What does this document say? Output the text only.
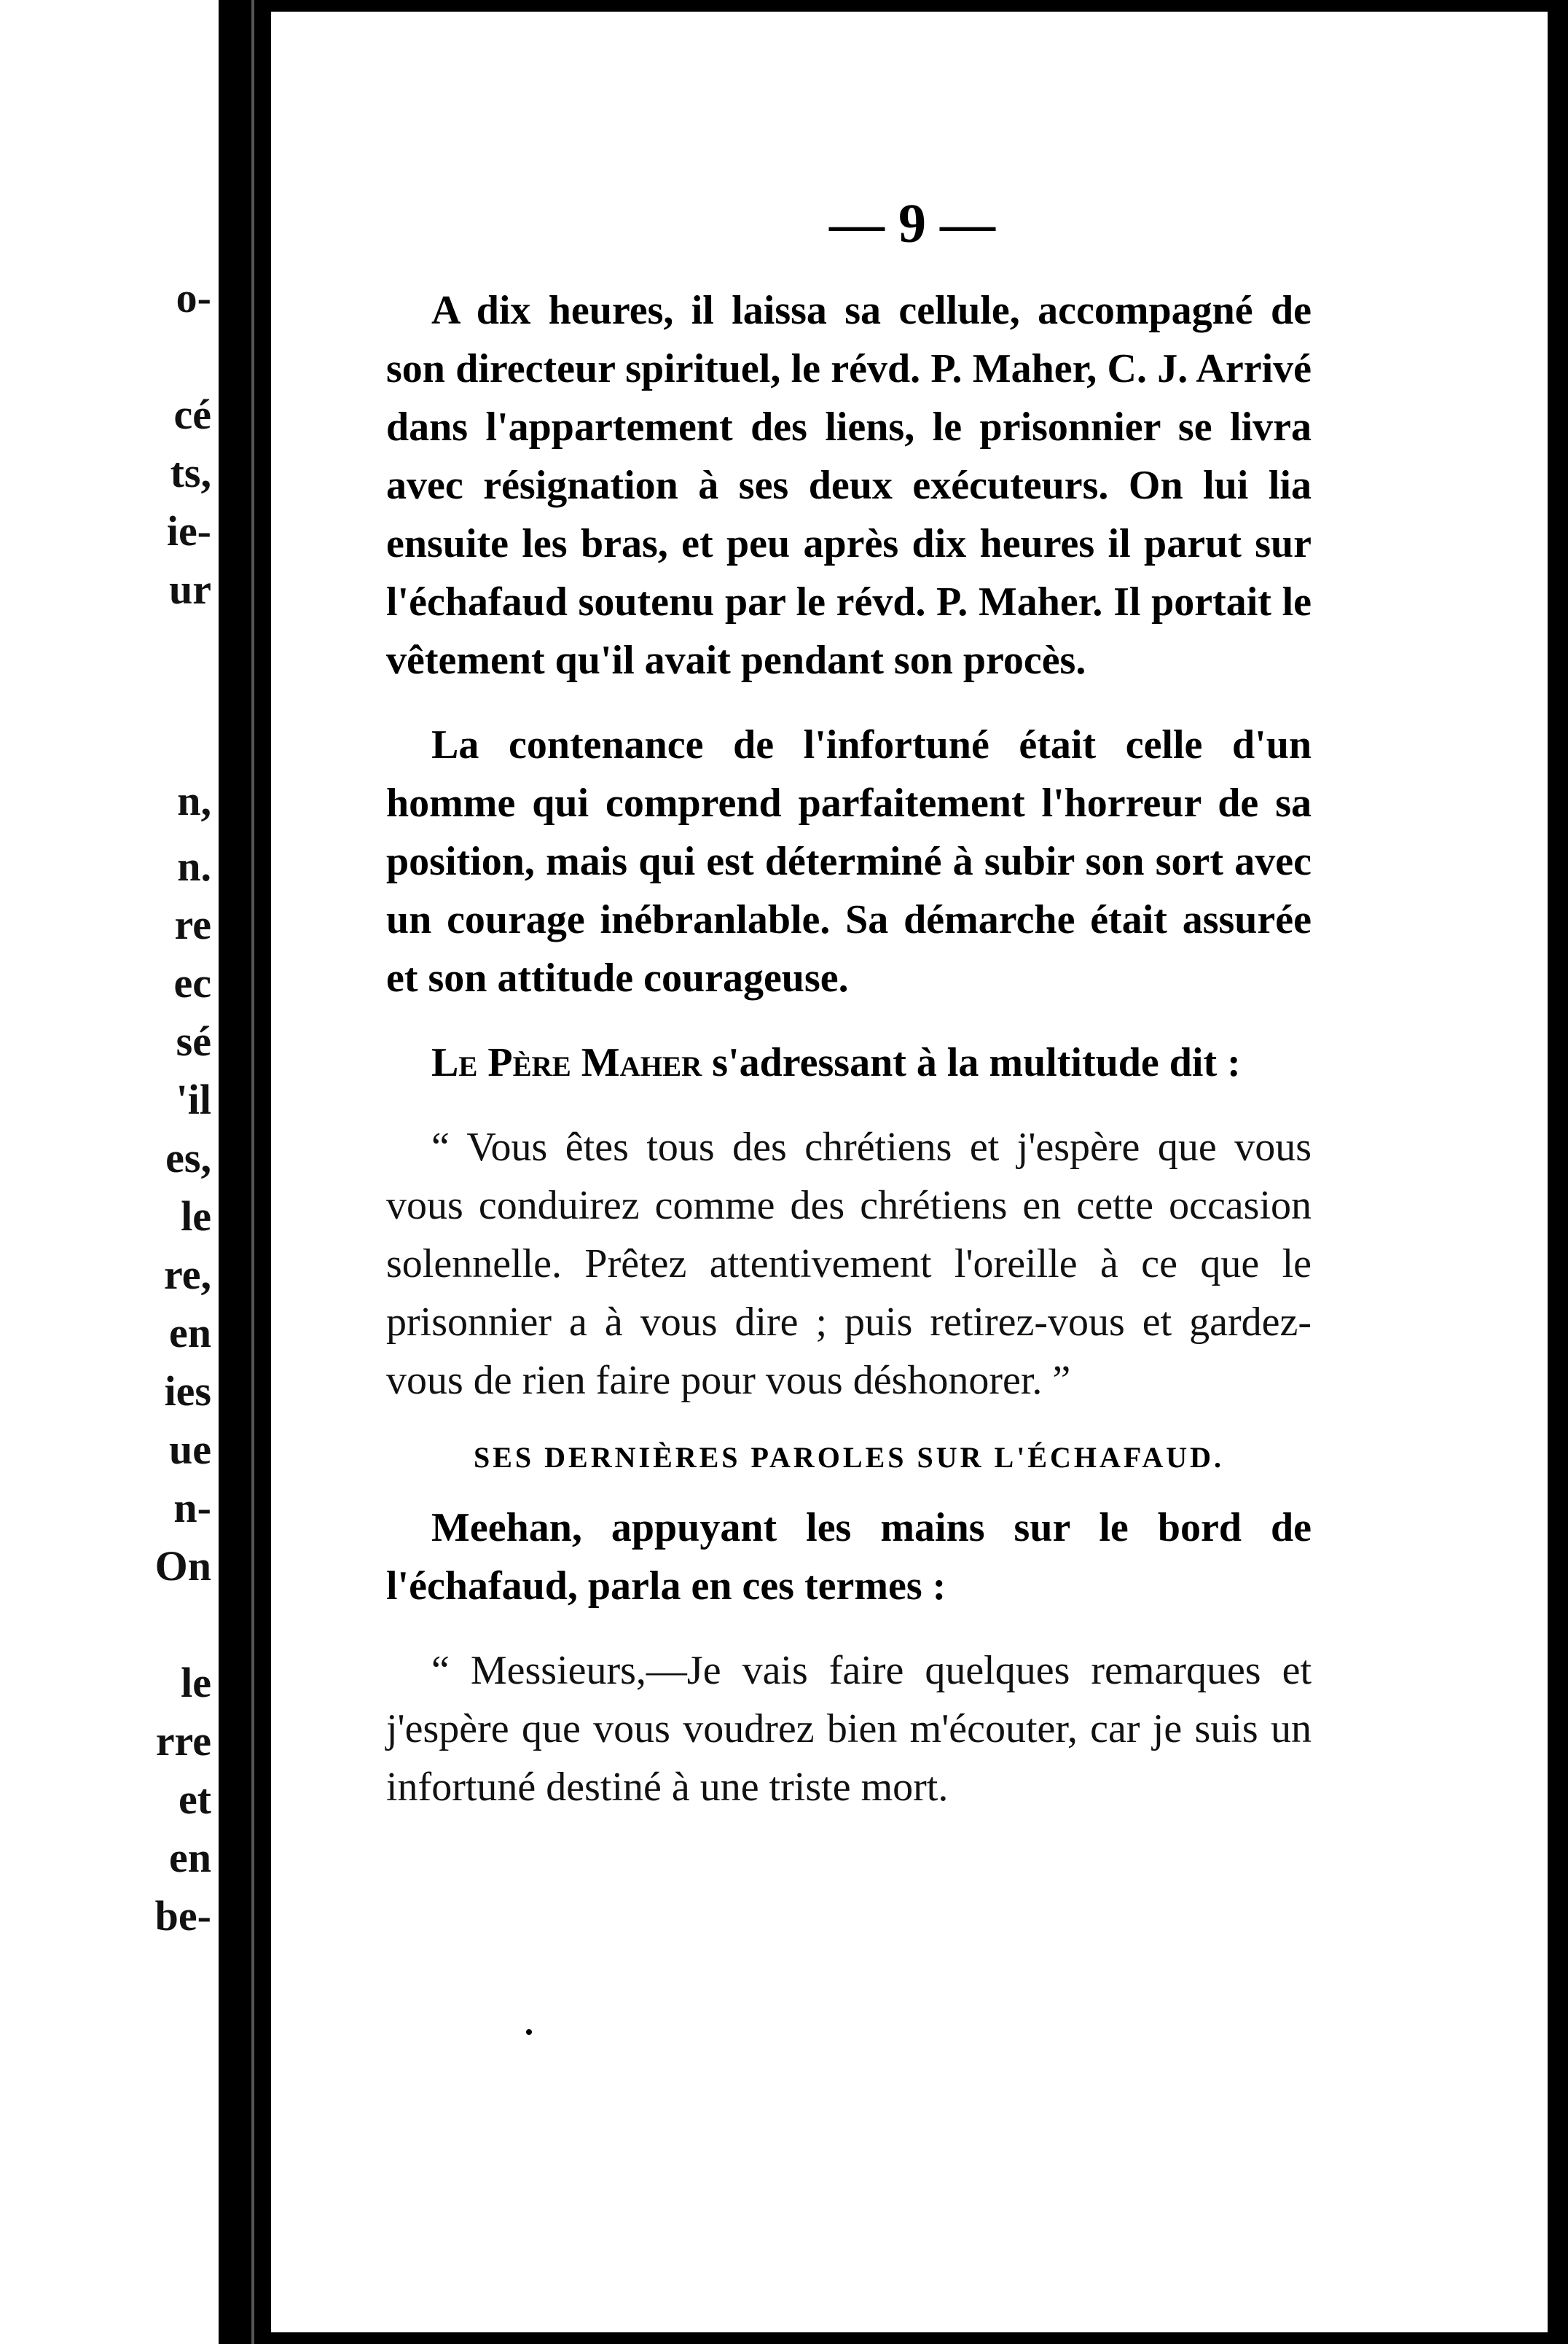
o-
cé
ts,
ie-
ur
n,
n.
re
ec
sé
'il
es,
le
re,
en
ies
ue
n-
On
le
rre
et
en
be-
— 9 —

A dix heures, il laissa sa cellule, accompagné de son directeur spirituel, le révd. P. Maher, C. J. Arrivé dans l'appartement des liens, le prisonnier se livra avec résignation à ses deux exécuteurs. On lui lia ensuite les bras, et peu après dix heures il parut sur l'échafaud soutenu par le révd. P. Maher. Il portait le vêtement qu'il avait pendant son procès.

La contenance de l'infortuné était celle d'un homme qui comprend parfaitement l'horreur de sa position, mais qui est déterminé à subir son sort avec un courage inébranlable. Sa démarche était assurée et son attitude courageuse.

Le Père Maher s'adressant à la multitude dit :

“ Vous êtes tous des chrétiens et j'espère que vous vous conduirez comme des chrétiens en cette occasion solennelle. Prêtez attentivement l'oreille à ce que le prisonnier a à vous dire ; puis retirez-vous et gardez-vous de rien faire pour vous déshonorer. ”

SES DERNIÈRES PAROLES SUR L'ÉCHAFAUD.

Meehan, appuyant les mains sur le bord de l'échafaud, parla en ces termes :

“ Messieurs,—Je vais faire quelques remarques et j'espère que vous voudrez bien m'écouter, car je suis un infortuné destiné à une triste mort.
